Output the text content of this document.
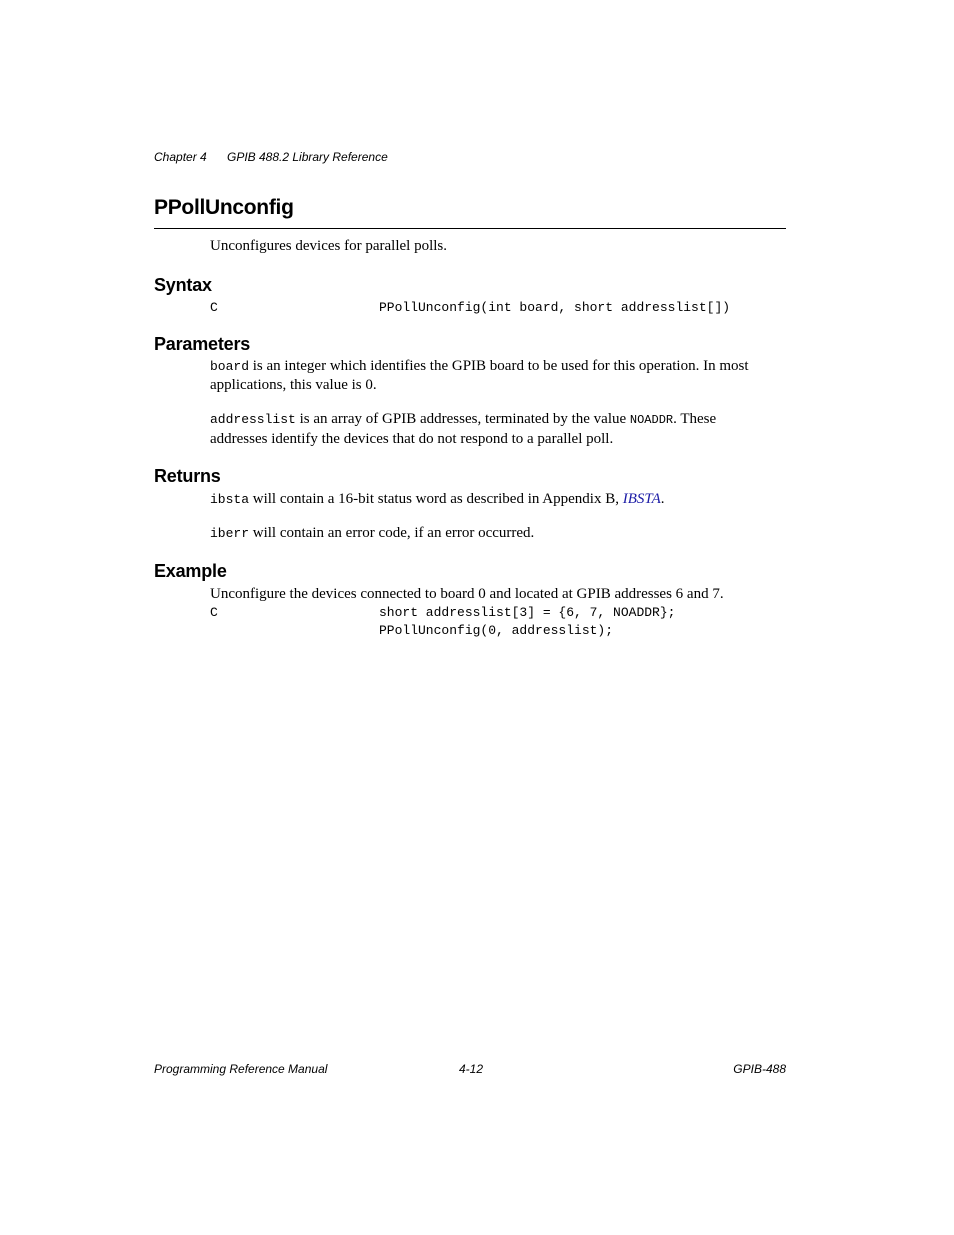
Chapter 4 GPIB 488.2 Library Reference
PPollUnconfig
Unconfigures devices for parallel polls.
Syntax
C	PPollUnconfig(int board, short addresslist[])
Parameters
board is an integer which identifies the GPIB board to be used for this operation. In most
applications, this value is 0.
addresslist is an array of GPIB addresses, terminated by the value NOADDR. These
addresses identify the devices that do not respond to a parallel poll.
Returns
ibsta will contain a 16-bit status word as described in Appendix B, IBSTA.
iberr will contain an error code, if an error occurred.
Example
Unconfigure the devices connected to board 0 and located at GPIB addresses 6 and 7.
C	short addresslist[3] = {6, 7, NOADDR};
PPollUnconfig(0, addresslist);
Programming Reference Manual	4-12	GPIB-488
